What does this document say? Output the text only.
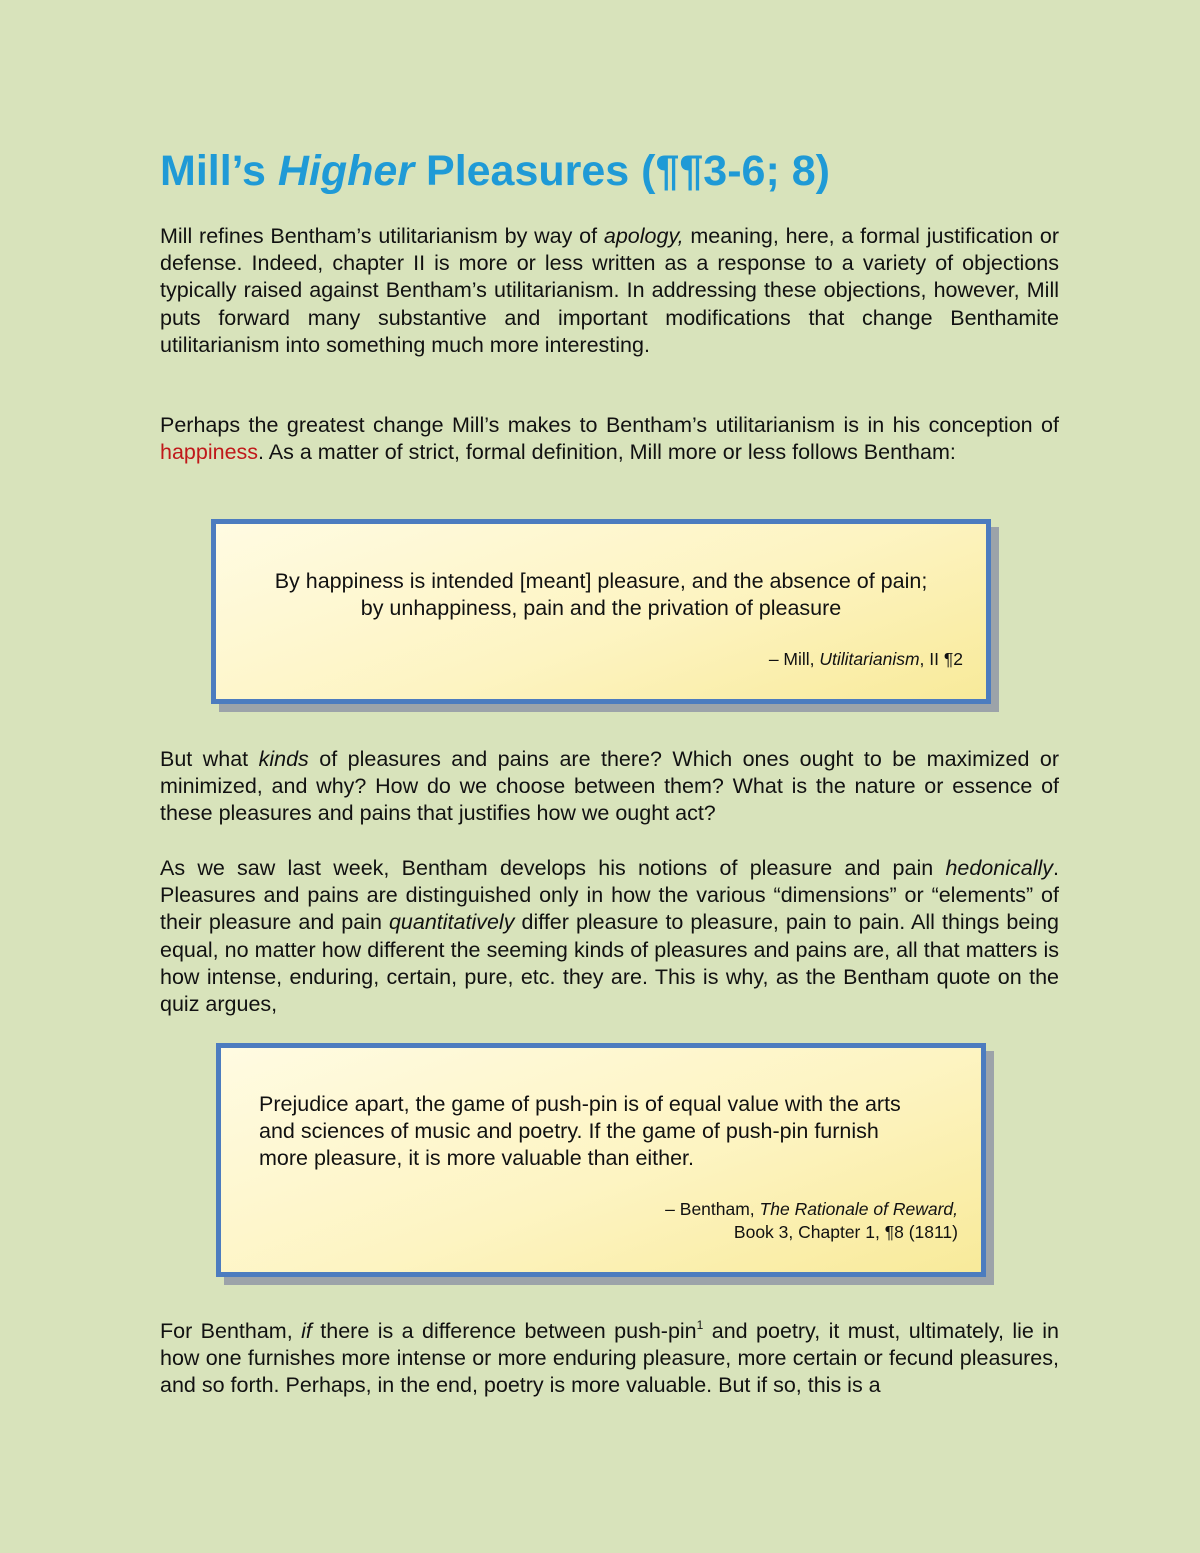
Mill’s Higher Pleasures (¶¶3-6; 8)

Mill refines Bentham’s utilitarianism by way of apology, meaning, here, a formal justification or defense. Indeed, chapter II is more or less written as a response to a variety of objections typically raised against Bentham’s utilitarianism. In addressing these objections, however, Mill puts forward many substantive and important modifications that change Benthamite utilitarianism into something much more interesting.

Perhaps the greatest change Mill’s makes to Bentham’s utilitarianism is in his conception of happiness. As a matter of strict, formal definition, Mill more or less follows Bentham:

But what kinds of pleasures and pains are there? Which ones ought to be maximized or minimized, and why? How do we choose between them? What is the nature or essence of these pleasures and pains that justifies how we ought act?

As we saw last week, Bentham develops his notions of pleasure and pain hedonically. Pleasures and pains are distinguished only in how the various “dimensions” or “elements” of their pleasure and pain quantitatively differ pleasure to pleasure, pain to pain. All things being equal, no matter how different the seeming kinds of pleasures and pains are, all that matters is how intense, enduring, certain, pure, etc. they are. This is why, as the Bentham quote on the quiz argues,

For Bentham, if there is a difference between push-pin$^1$ and poetry, it must, ultimately, lie in how one furnishes more intense or more enduring pleasure, more certain or fecund pleasures, and so forth. Perhaps, in the end, poetry is more valuable. But if so, this is a

By happiness is intended [meant] pleasure, and the absence of pain;
by unhappiness, pain and the privation of pleasure
– Mill, Utilitarianism, II ¶2
Prejudice apart, the game of push-pin is of equal value with the arts
and sciences of music and poetry. If the game of push-pin furnish
more pleasure, it is more valuable than either.
– Bentham, The Rationale of Reward,
Book 3, Chapter 1, ¶8 (1811)
